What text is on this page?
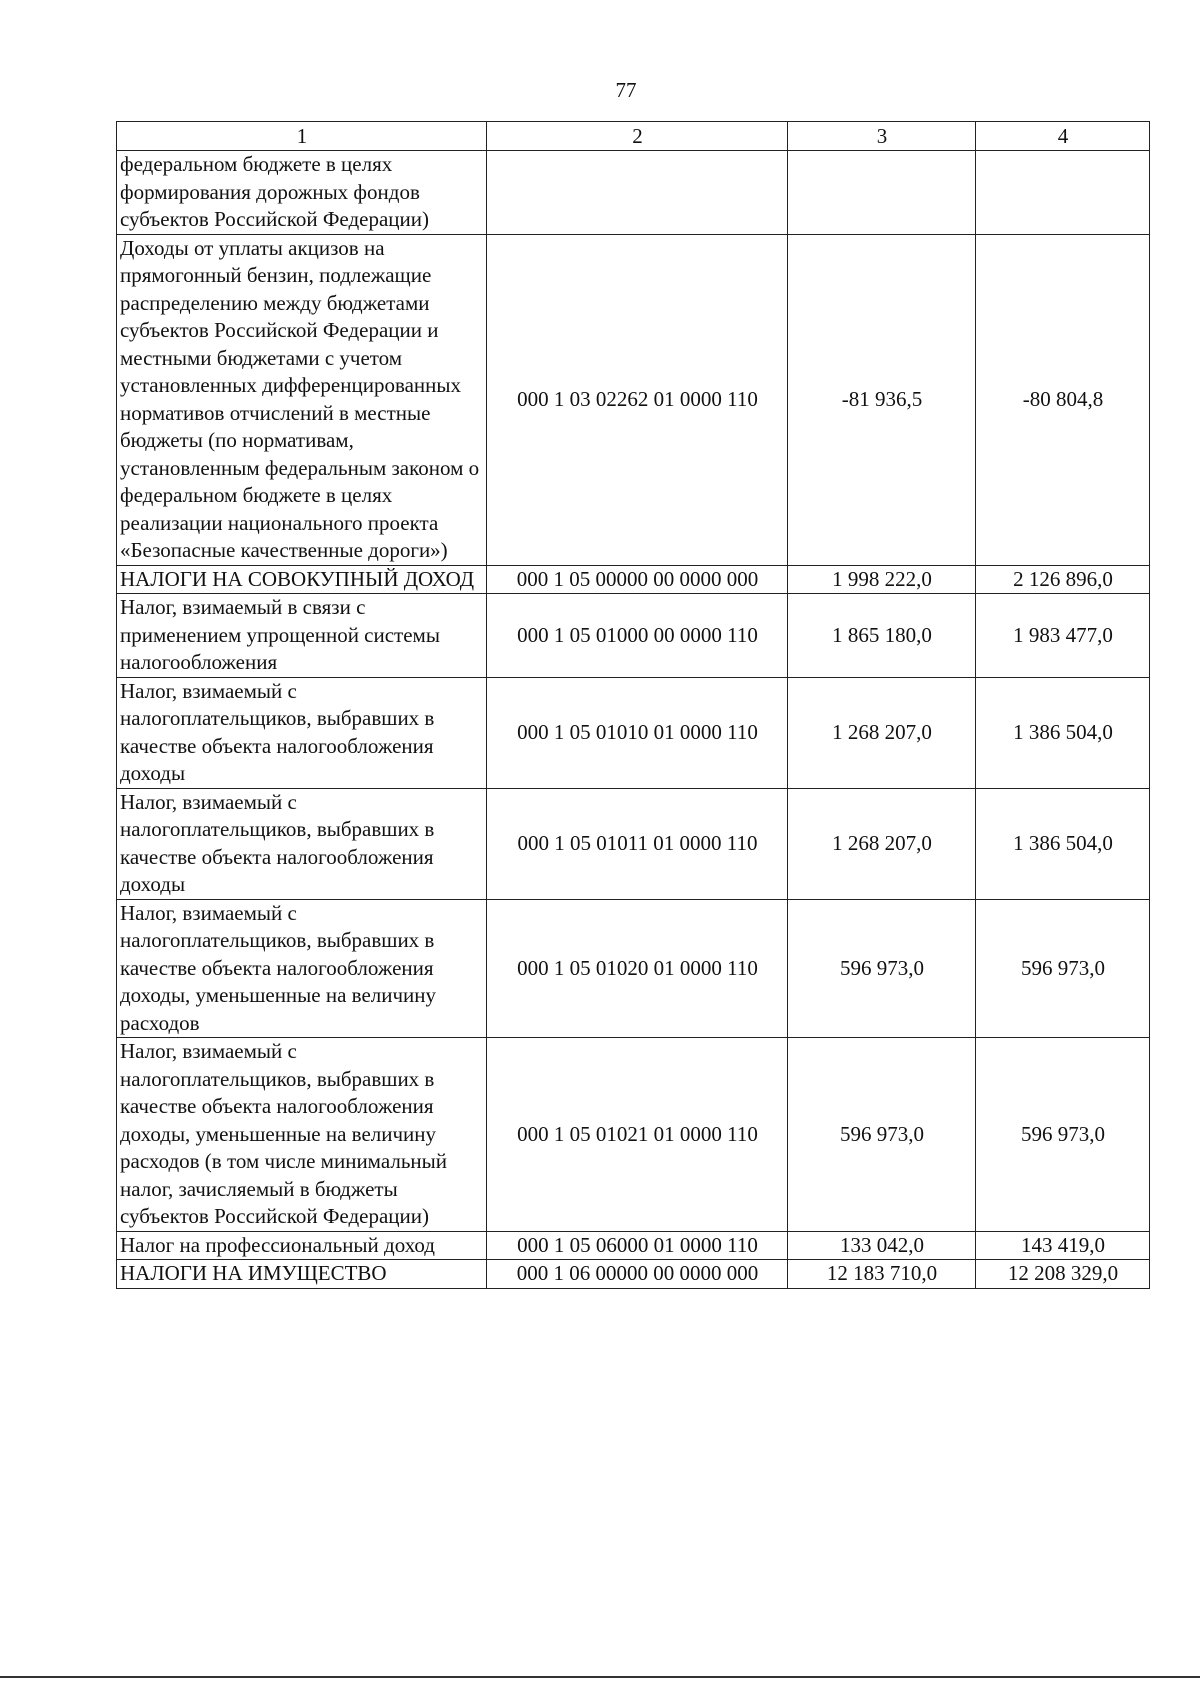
77
1	2	3	4
федеральном бюджете в целях формирования дорожных фондов субъектов Российской Федерации)			
Доходы от уплаты акцизов на прямогонный бензин, подлежащие распределению между бюджетами субъектов Российской Федерации и местными бюджетами с учетом установленных дифференцированных нормативов отчислений в местные бюджеты (по нормативам, установленным федеральным законом о федеральном бюджете в целях реализации национального проекта «Безопасные качественные дороги»)	000 1 03 02262 01 0000 110	-81 936,5	-80 804,8
НАЛОГИ НА СОВОКУПНЫЙ ДОХОД	000 1 05 00000 00 0000 000	1 998 222,0	2 126 896,0
Налог, взимаемый в связи с применением упрощенной системы налогообложения	000 1 05 01000 00 0000 110	1 865 180,0	1 983 477,0
Налог, взимаемый с налогоплательщиков, выбравших в качестве объекта налогообложения доходы	000 1 05 01010 01 0000 110	1 268 207,0	1 386 504,0
Налог, взимаемый с налогоплательщиков, выбравших в качестве объекта налогообложения доходы	000 1 05 01011 01 0000 110	1 268 207,0	1 386 504,0
Налог, взимаемый с налогоплательщиков, выбравших в качестве объекта налогообложения доходы, уменьшенные на величину расходов	000 1 05 01020 01 0000 110	596 973,0	596 973,0
Налог, взимаемый с налогоплательщиков, выбравших в качестве объекта налогообложения доходы, уменьшенные на величину расходов (в том числе минимальный налог, зачисляемый в бюджеты субъектов Российской Федерации)	000 1 05 01021 01 0000 110	596 973,0	596 973,0
Налог на профессиональный доход	000 1 05 06000 01 0000 110	133 042,0	143 419,0
НАЛОГИ НА ИМУЩЕСТВО	000 1 06 00000 00 0000 000	12 183 710,0	12 208 329,0
